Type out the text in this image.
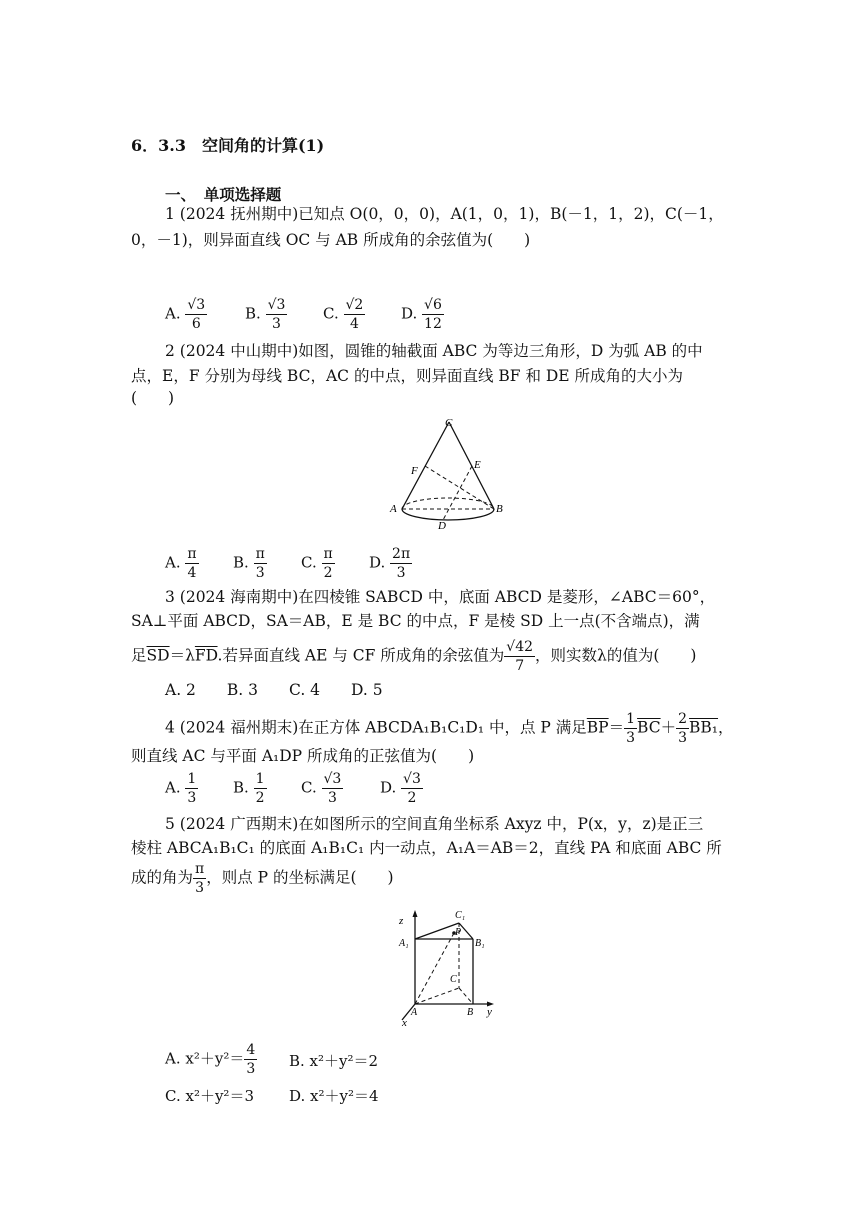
6．3.3　空间角的计算(1)
一、　单项选择题
1 (2024 抚州期中)已知点 O(0，0，0)，A(1，0，1)，B(－1，1，2)，C(－1，
0，－1)，则异面直线 OC 与 AB 所成角的余弦值为(　　)
A. $\frac{√3}{6}$	B. $\frac{√3}{3} C$. $\frac{√2}{4} D$. $\frac{√6}{12}$
2 (2024 中山期中)如图，圆锥的轴截面 ABC 为等边三角形，D 为弧 AB 的中
点，E，F 分别为母线 BC，AC 的中点，则异面直线 BF 和 DE 所成角的大小为
(　　)
C
E
F
A	B
D
A. $\frac{\pi}{4} B$. $\frac{\pi}{3} C$. $\frac{\pi}{2} D$. $\frac{2\pi}{3}$
3 (2024 海南期中)在四棱锥 SABCD 中，底面 ABCD 是菱形，∠ABC＝60°，
SA⊥平面 ABCD，SA＝AB，E 是 BC 的中点，F 是棱 SD 上一点(不含端点)，满
足$\overline{SD}=\lambda\overline{FD}$.若异面直线 AE 与 CF 所成角的余弦值为 $\frac{√42}{7}$ ，则实数λ的值为(　　)
A. 2　　B. 3　　C. 4　　D. 5
4 (2024 福州期末)在正方体 ABCDA₁B₁C₁D₁ 中，点 P 满足$\overline{BP}= \frac{1}{3} \overline{BC}+ \frac{2}{3} BB_1$，
则直线 AC 与平面 A₁DP 所成角的正弦值为(　　)
A. $\frac{1}{3} B$. $\frac{1}{2} C$. $\frac{√3}{3} D$. $\frac{√3}{2}$
5 (2024 广西期末)在如图所示的空间直角坐标系 Axyz 中，P(x，y，z)是正三
棱柱 ABCA₁B₁C₁ 的底面 A₁B₁C₁ 内一动点，A₁A＝AB＝2，直线 PA 和底面 ABC 所
成的角为 $\frac{\pi}{3}$ ，则点 P 的坐标满足(　　)
z	C₁
P
A₁	B₁
C
A	B y
x
A. $x^2+y^2= \frac{4}{3} B$. x²＋y²＝2
C. x²＋y²＝3 D. x²＋y²＝4
